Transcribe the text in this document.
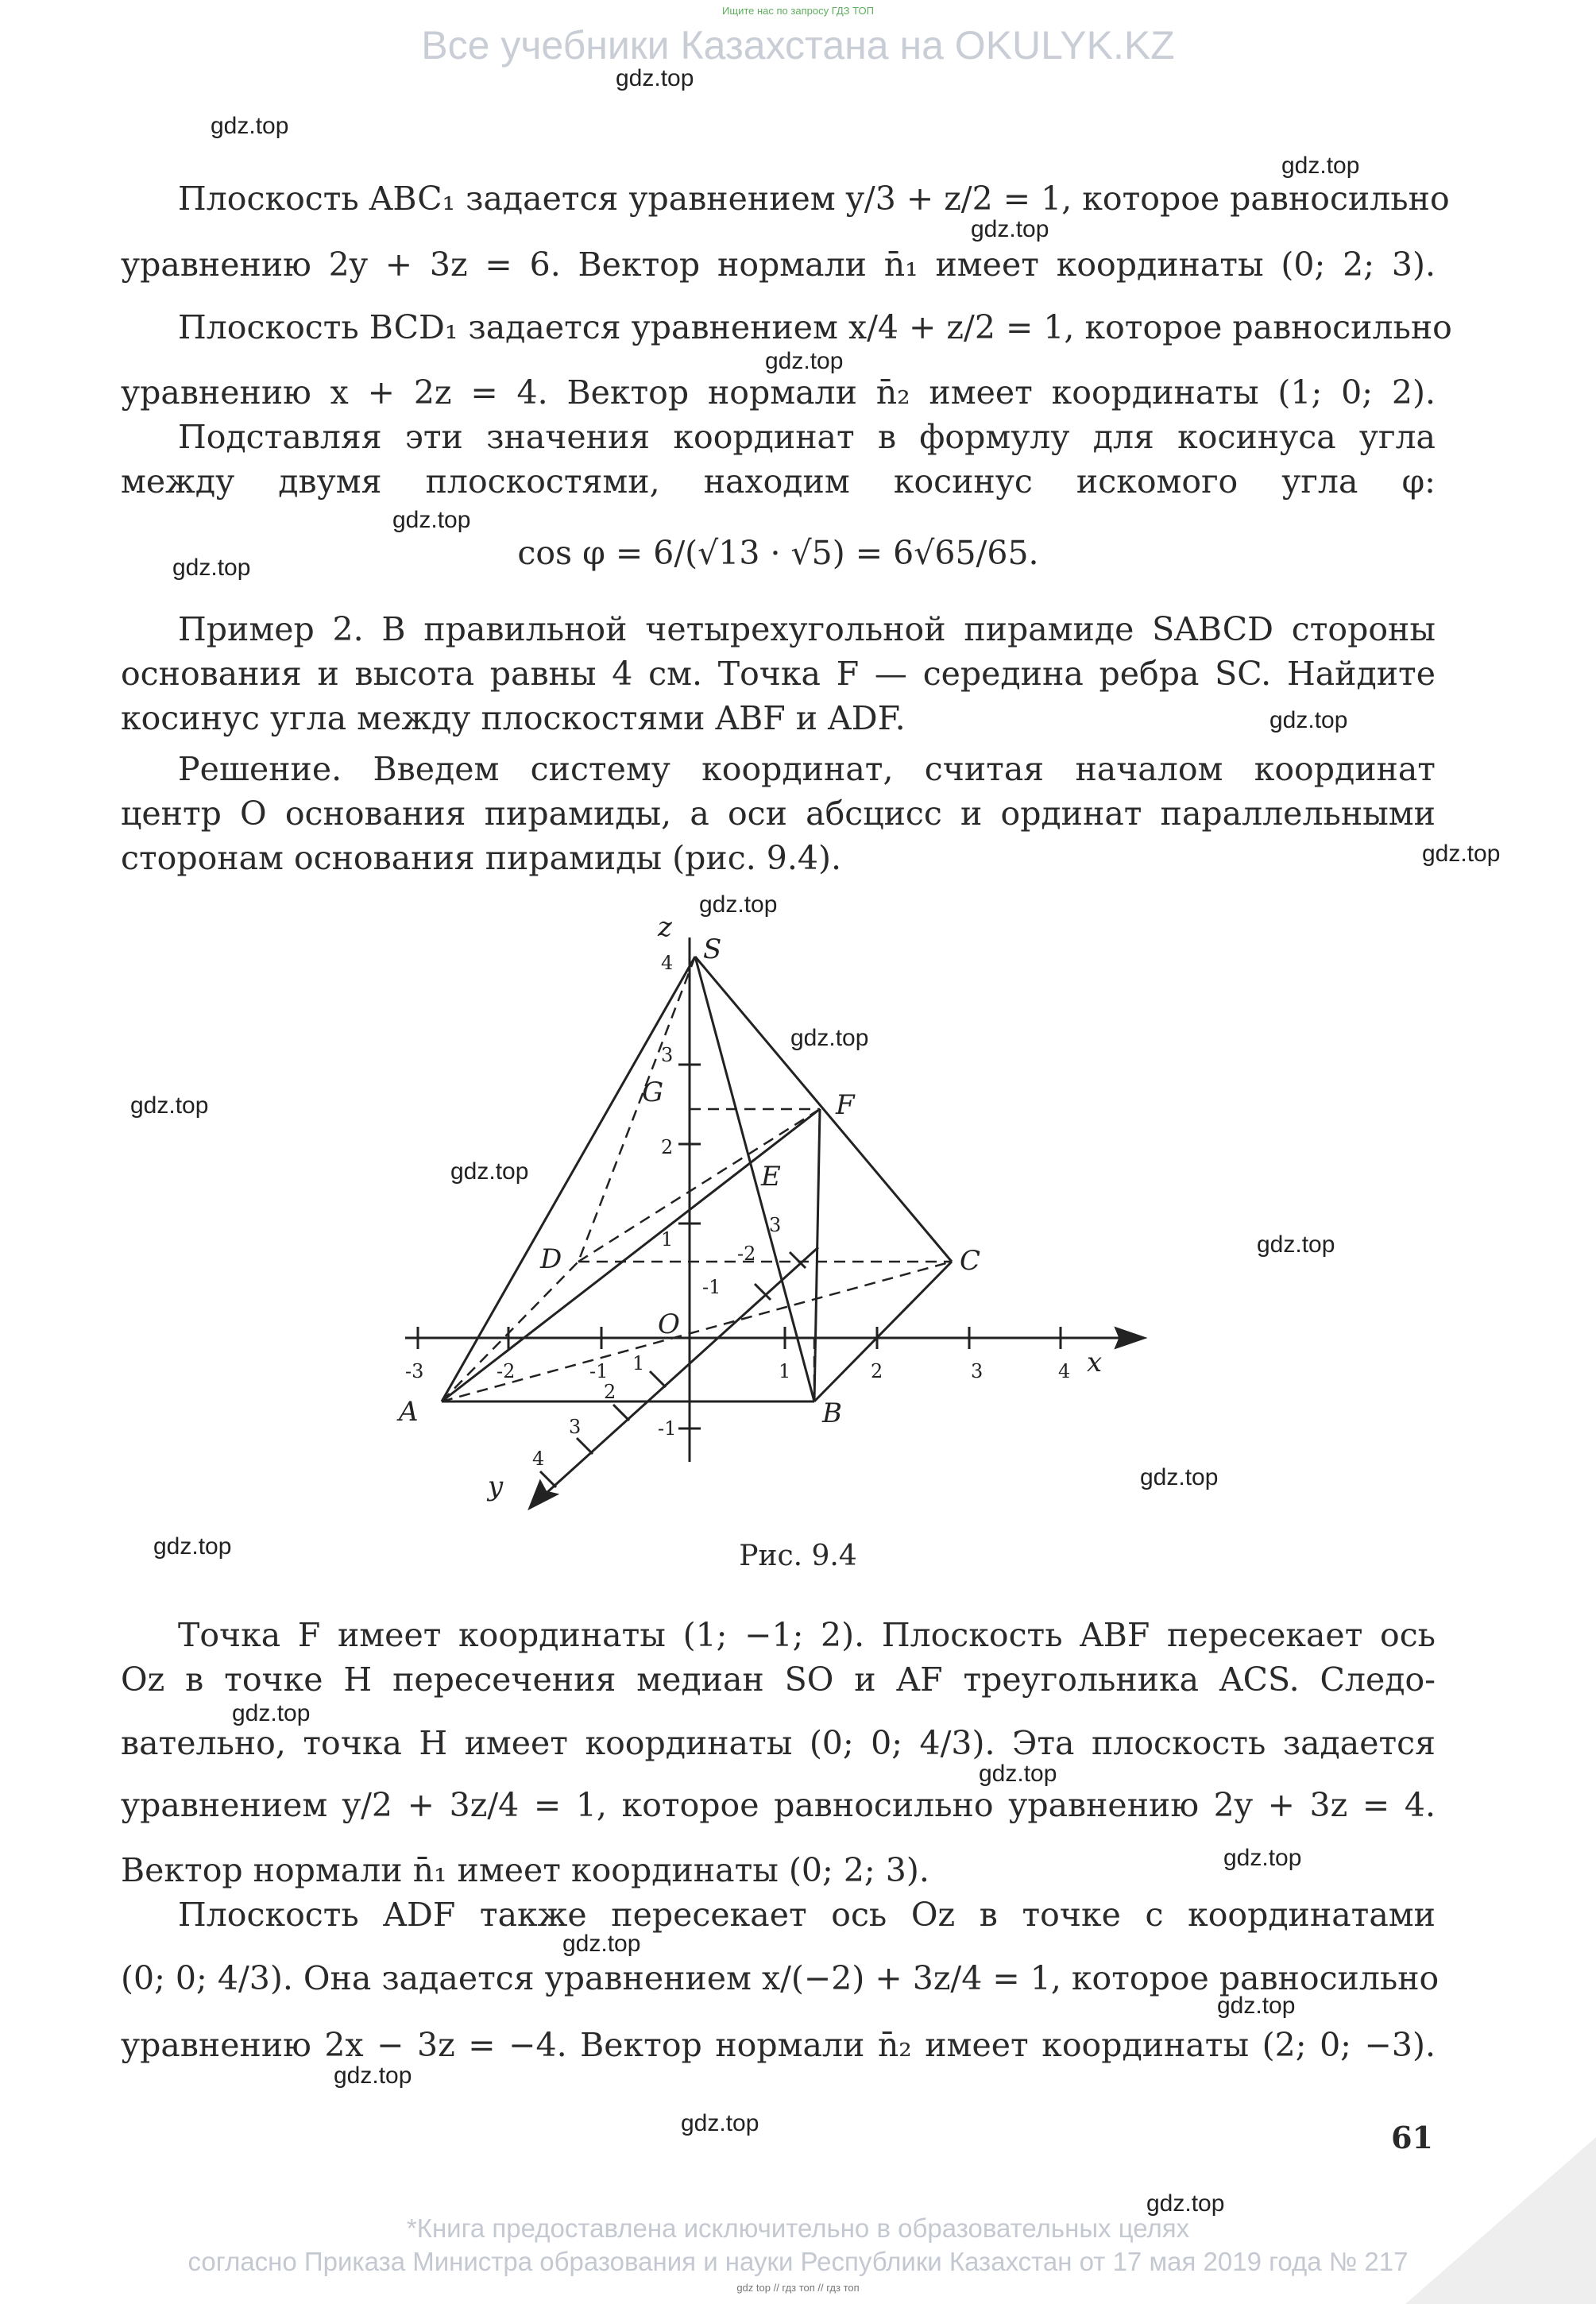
Ищите нас по запросу ГДЗ ТОП
Все учебники Казахстана на OKULYK.KZ
gdz.top
gdz.top
gdz.top
gdz.top
gdz.top
gdz.top
gdz.top
gdz.top
gdz.top
gdz.top
gdz.top
gdz.top
gdz.top
gdz.top
gdz.top
gdz.top
gdz.top
gdz.top
gdz.top
gdz.top
gdz.top
gdz.top
gdz.top
gdz.top
Плоскость ABC₁ задается уравнением y/3 + z/2 = 1, которое равносильно
уравнению 2y + 3z = 6. Вектор нормали n̄₁ имеет координаты (0; 2; 3).
Плоскость BCD₁ задается уравнением x/4 + z/2 = 1, которое равносильно
уравнению x + 2z = 4. Вектор нормали n̄₂ имеет координаты (1; 0; 2).
Подставляя эти значения координат в формулу для косинуса угла
между двумя плоскостями, находим косинус искомого угла φ:
cos φ = 6/(√13 · √5) = 6√65/65.
Пример 2. В правильной четырехугольной пирамиде SABCD стороны
основания и высота равны 4 см. Точка F — середина ребра SC. Найдите
косинус угла между плоскостями ABF и ADF.
Решение. Введем систему координат, считая началом координат
центр O основания пирамиды, а оси абсцисс и ординат параллельными
сторонам основания пирамиды (рис. 9.4).
S
A	B
C
D
F
E
G
O
x
y
z
-3	-2	-1	1	2	3	4
4
3
2
1
-1
1
2
3
4
-1
-2
3
Рис. 9.4
Точка F имеет координаты (1; −1; 2). Плоскость ABF пересекает ось
Oz в точке H пересечения медиан SO и AF треугольника ACS. Следо-
вательно, точка H имеет координаты (0; 0; 4/3). Эта плоскость задается
уравнением y/2 + 3z/4 = 1, которое равносильно уравнению 2y + 3z = 4.
Вектор нормали n̄₁ имеет координаты (0; 2; 3).
Плоскость ADF также пересекает ось Oz в точке с координатами
(0; 0; 4/3). Она задается уравнением x/(−2) + 3z/4 = 1, которое равносильно
уравнению 2x − 3z = −4. Вектор нормали n̄₂ имеет координаты (2; 0; −3).
61
*Книга предоставлена исключительно в образовательных целях
согласно Приказа Министра образования и науки Республики Казахстан от 17 мая 2019 года № 217
gdz top // гдз топ // гдз топ
